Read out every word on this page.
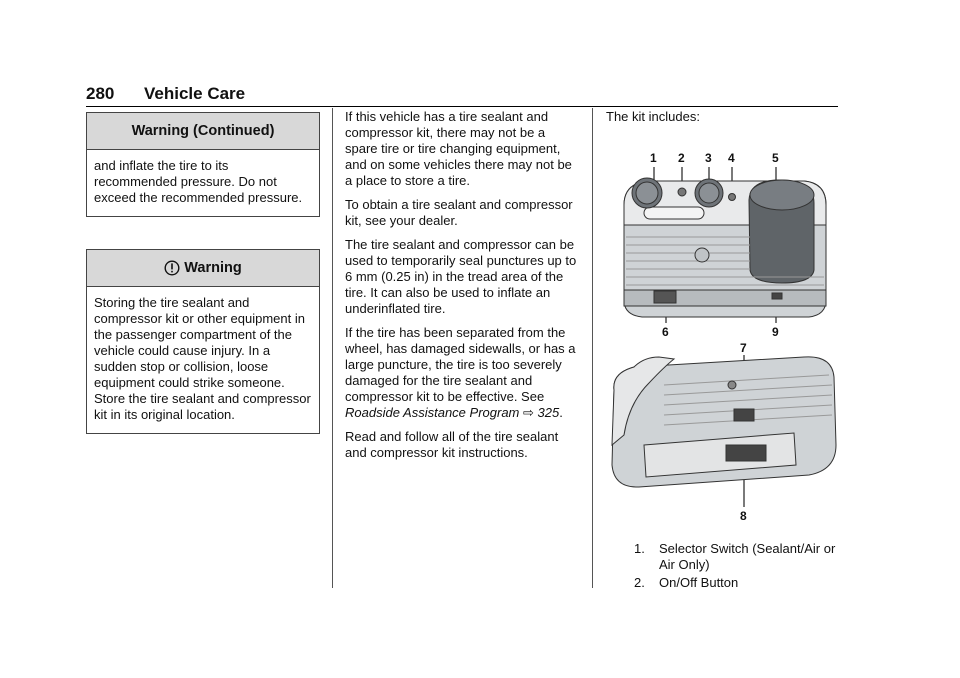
280 Vehicle Care
Warning (Continued)
and inflate the tire to its recommended pressure. Do not exceed the recommended pressure.
Warning
Storing the tire sealant and compressor kit or other equipment in the passenger compartment of the vehicle could cause injury. In a sudden stop or collision, loose equipment could strike someone. Store the tire sealant and compressor kit in its original location.

If this vehicle has a tire sealant and compressor kit, there may not be a spare tire or tire changing equipment, and on some vehicles there may not be a place to store a tire.

To obtain a tire sealant and compressor kit, see your dealer.

The tire sealant and compressor can be used to temporarily seal punctures up to 6 mm (0.25 in) in the tread area of the tire. It can also be used to inflate an underinflated tire.

If the tire has been separated from the wheel, has damaged sidewalls, or has a large puncture, the tire is too severely damaged for the tire sealant and compressor kit to be effective. See Roadside Assistance Program ⇨ 325.

Read and follow all of the tire sealant and compressor kit instructions.

The kit includes:
1 2 3 4	5
6	9
7
8
1. Selector Switch (Sealant/Air or Air Only)
2. On/Off Button
